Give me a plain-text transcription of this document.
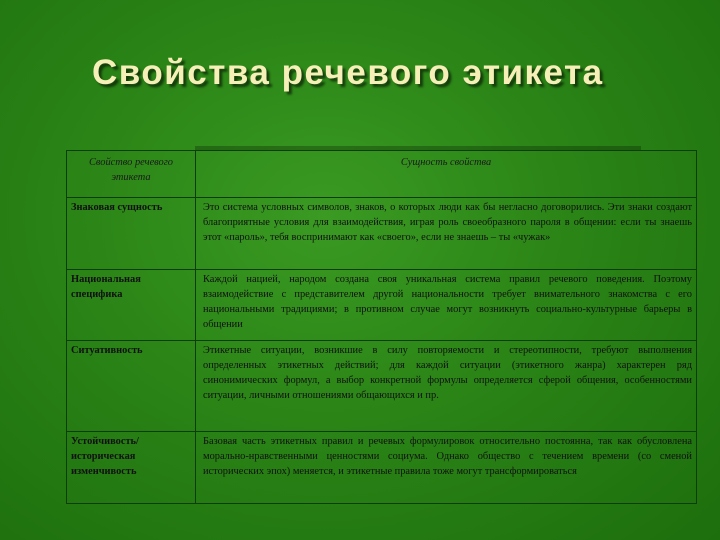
Свойства речевого этикета
Свойство речевого этикета	Сущность свойства
Знаковая сущность	Это система условных символов, знаков, о которых люди как бы негласно договорились. Эти знаки создают благоприятные условия для взаимодействия, играя роль своеобразного пароля в общении: если ты знаешь этот «пароль», тебя воспринимают как «своего», если не знаешь – ты «чужак»
Национальная специфика	Каждой нацией, народом создана своя уникальная система правил речевого поведения. Поэтому взаимодействие с представителем другой национальности требует внимательного знакомства с его национальными традициями; в противном случае могут возникнуть социально-культурные барьеры в общении
Ситуативность	Этикетные ситуации, возникшие в силу повторяемости и стереотипности, требуют выполнения определенных этикетных действий; для каждой ситуации (этикетного жанра) характерен ряд синонимических формул, а выбор конкретной формулы определяется сферой общения, особенностями ситуации, личными отношениями общающихся и пр.
Устойчивость/ историческая изменчивость	Базовая часть этикетных правил и речевых формулировок относительно постоянна, так как обусловлена морально-нравственными ценностями социума. Однако общество с течением времени (со сменой исторических эпох) меняется, и этикетные правила тоже могут трансформироваться
